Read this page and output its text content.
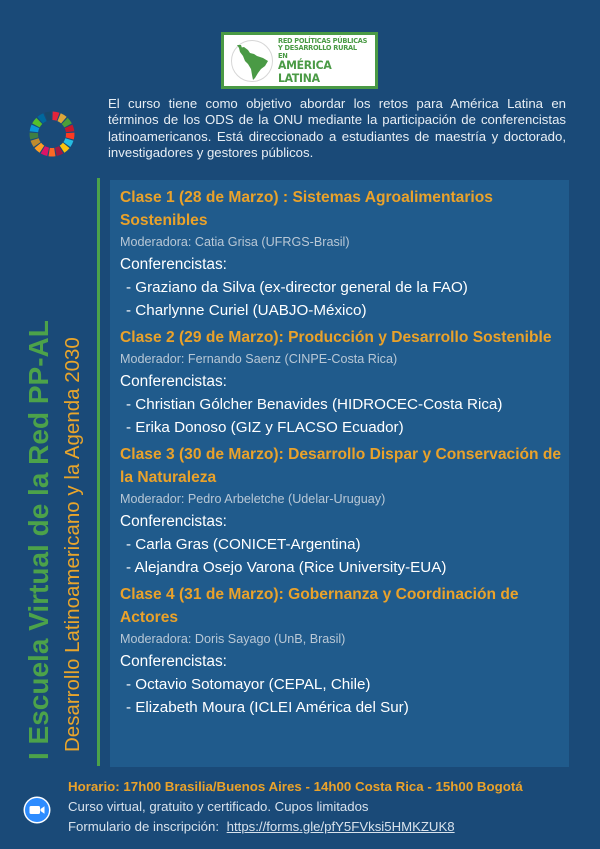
RED POLÍTICAS PÚBLICAS
Y DESARROLLO RURAL EN
AMÉRICA LATINA
El curso tiene como objetivo abordar los retos para América Latina en términos de los ODS de la ONU mediante la participación de conferencistas latinoamericanos. Está direccionado a estudiantes de maestría y doctorado, investigadores y gestores públicos.
I Escuela Virtual de la Red PP-AL Desarrollo Latinoamericano y la Agenda 2030
Clase 1 (28 de Marzo) : Sistemas Agroalimentarios Sostenibles
Moderadora: Catia Grisa (UFRGS-Brasil)
Conferencistas:
- Graziano da Silva (ex-director general de la FAO)
- Charlynne Curiel (UABJO-México)
Clase 2 (29 de Marzo): Producción y Desarrollo Sostenible
Moderador: Fernando Saenz (CINPE-Costa Rica)
Conferencistas:
- Christian Gólcher Benavides (HIDROCEC-Costa Rica)
- Erika Donoso (GIZ y FLACSO Ecuador)
Clase 3 (30 de Marzo): Desarrollo Dispar y Conservación de la Naturaleza
Moderador: Pedro Arbeletche (Udelar-Uruguay)
Conferencistas:
- Carla Gras (CONICET-Argentina)
- Alejandra Osejo Varona (Rice University-EUA)
Clase 4 (31 de Marzo): Gobernanza y Coordinación de Actores
Moderadora: Doris Sayago (UnB, Brasil)
Conferencistas:
- Octavio Sotomayor (CEPAL, Chile)
- Elizabeth Moura (ICLEI América del Sur)
Horario: 17h00 Brasilia/Buenos Aires - 14h00 Costa Rica - 15h00 Bogotá
Curso virtual, gratuito y certificado. Cupos limitados
Formulario de inscripción: https://forms.gle/pfY5FVksi5HMKZUK8
